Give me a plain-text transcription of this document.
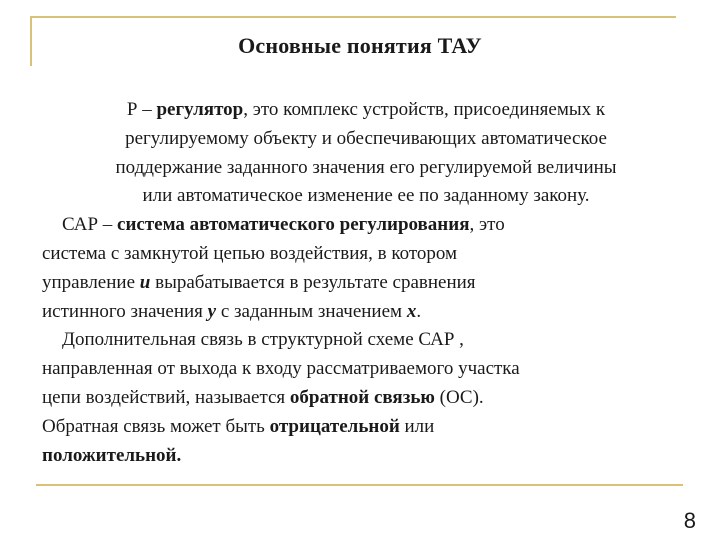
Основные понятия ТАУ
Р – регулятор, это комплекс устройств, присоединяемых к
регулируемому объекту и обеспечивающих автоматическое
поддержание заданного значения его регулируемой величины
или автоматическое изменение ее по заданному закону.
САР – система автоматического регулирования, это
система с замкнутой цепью воздействия, в котором
управление u вырабатывается в результате сравнения
истинного значения y с заданным значением x.
Дополнительная связь в структурной схеме САР ,
направленная от выхода к входу рассматриваемого участка
цепи воздействий, называется обратной связью (ОС).
Обратная связь может быть отрицательной или
положительной.
8
